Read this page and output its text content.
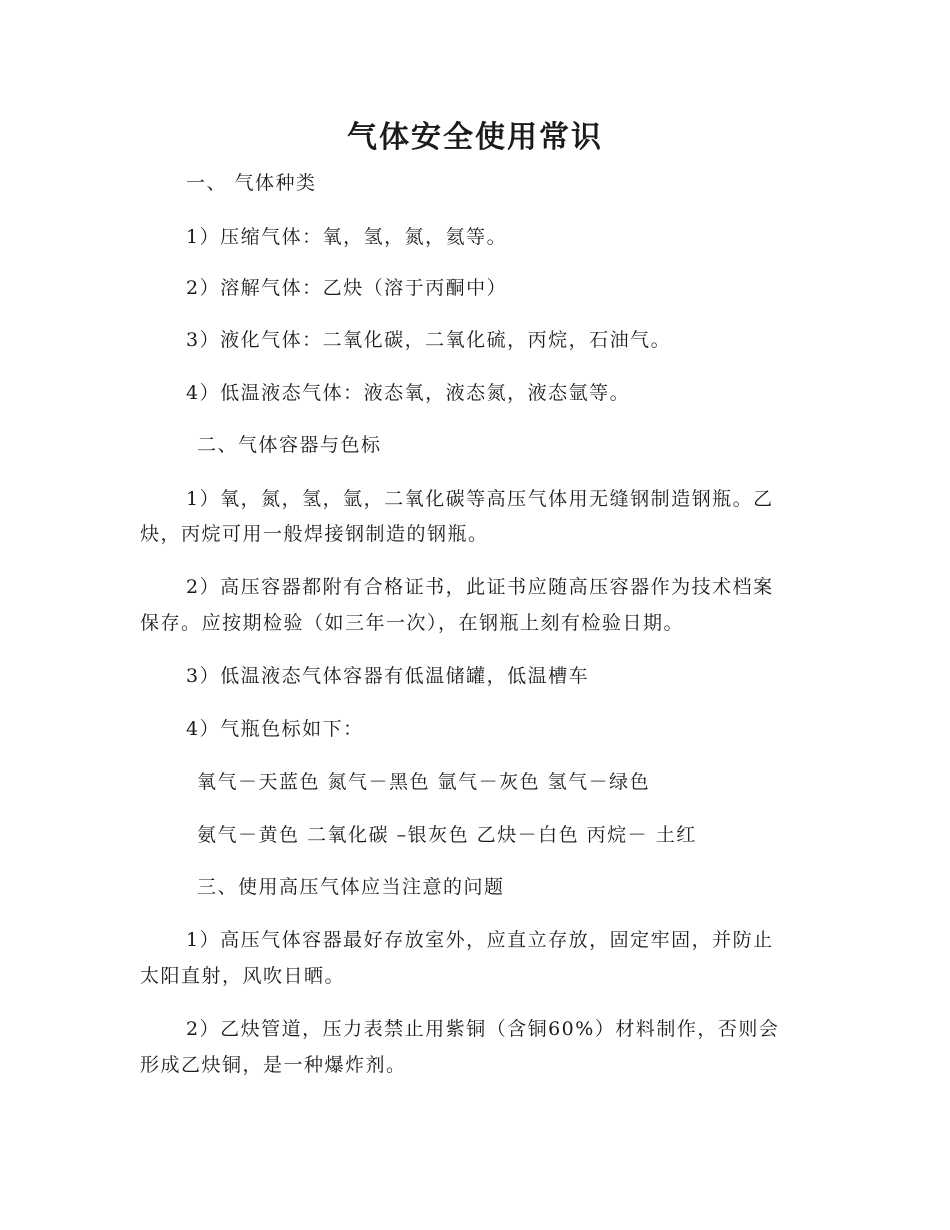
气体安全使用常识
一、 气体种类
1）压缩气体：氧，氢，氮，氦等。
2）溶解气体：乙炔（溶于丙酮中）
3）液化气体：二氧化碳，二氧化硫，丙烷，石油气。
4）低温液态气体：液态氧，液态氮，液态氩等。
二、气体容器与色标
1）氧，氮，氢，氩，二氧化碳等高压气体用无缝钢制造钢瓶。乙
炔，丙烷可用一般焊接钢制造的钢瓶。
2）高压容器都附有合格证书，此证书应随高压容器作为技术档案
保存。应按期检验（如三年一次），在钢瓶上刻有检验日期。
3）低温液态气体容器有低温储罐，低温槽车
4）气瓶色标如下：
氧气－天蓝色 氮气－黑色 氩气－灰色 氢气－绿色
氨气－黄色 二氧化碳 –银灰色 乙炔－白色 丙烷－ 土红
三、使用高压气体应当注意的问题
1）高压气体容器最好存放室外，应直立存放，固定牢固，并防止
太阳直射，风吹日晒。
2）乙炔管道，压力表禁止用紫铜（含铜60%）材料制作，否则会
形成乙炔铜，是一种爆炸剂。
